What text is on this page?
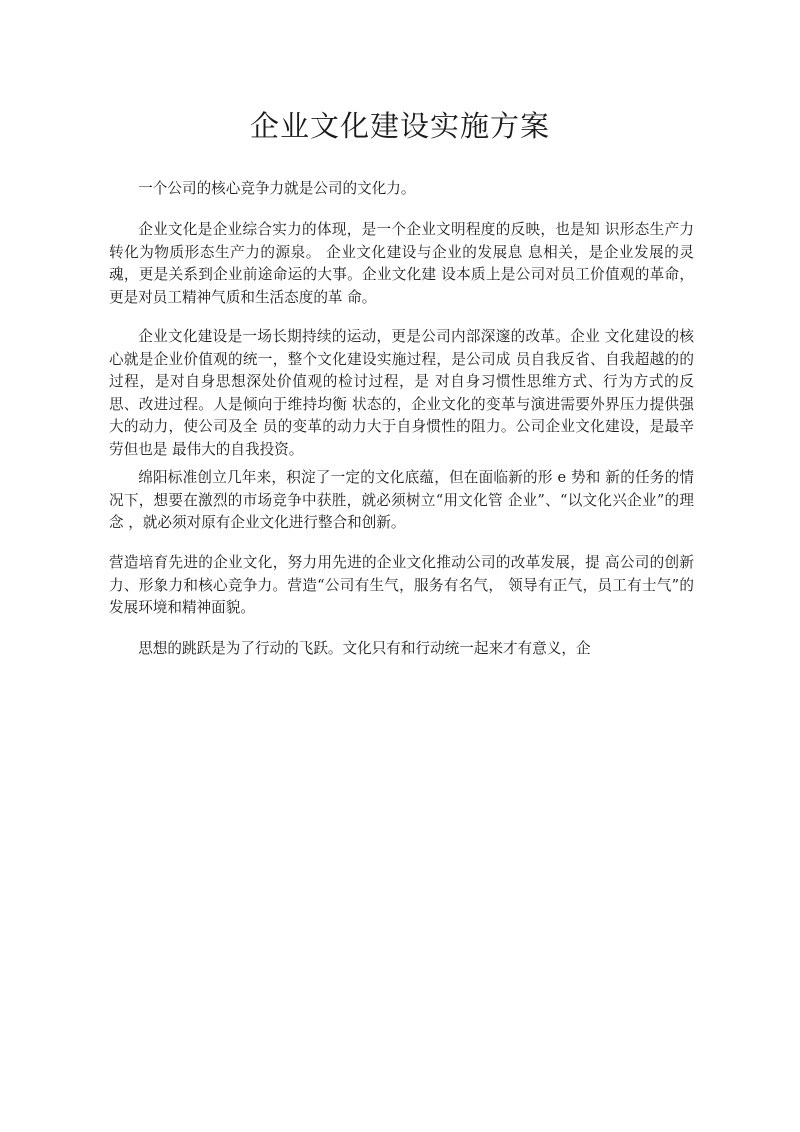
企业文化建设实施方案

一个公司的核心竞争力就是公司的文化力。

企业文化是企业综合实力的体现，是一个企业文明程度的反映，也是知 识形态生产力转化为物质形态生产力的源泉。 企业文化建设与企业的发展息 息相关，是企业发展的灵魂，更是关系到企业前途命运的大事。企业文化建 设本质上是公司对员工价值观的革命， 更是对员工精神气质和生活态度的革 命。

企业文化建设是一场长期持续的运动，更是公司内部深邃的改革。企业 文化建设的核心就是企业价值观的统一，整个文化建设实施过程，是公司成 员自我反省、自我超越的的过程，是对自身思想深处价值观的检讨过程，是 对自身习惯性思维方式、行为方式的反思、改进过程。人是倾向于维持均衡 状态的，企业文化的变革与演进需要外界压力提供强大的动力，使公司及全 员的变革的动力大于自身惯性的阻力。公司企业文化建设，是最辛劳但也是 最伟大的自我投资。

绵阳标准创立几年来，积淀了一定的文化底蕴，但在面临新的形 e 势和 新的任务的情况下，想要在激烈的市场竞争中获胜，就必须树立“用文化管 企业”、“以文化兴企业”的理念 ，就必须对原有企业文化进行整合和创新。

营造培育先进的企业文化，努力用先进的企业文化推动公司的改革发展，提 高公司的创新力、形象力和核心竞争力。营造“公司有生气，服务有名气， 领导有正气，员工有士气”的发展环境和精神面貌。

思想的跳跃是为了行动的飞跃。文化只有和行动统一起来才有意义，企
